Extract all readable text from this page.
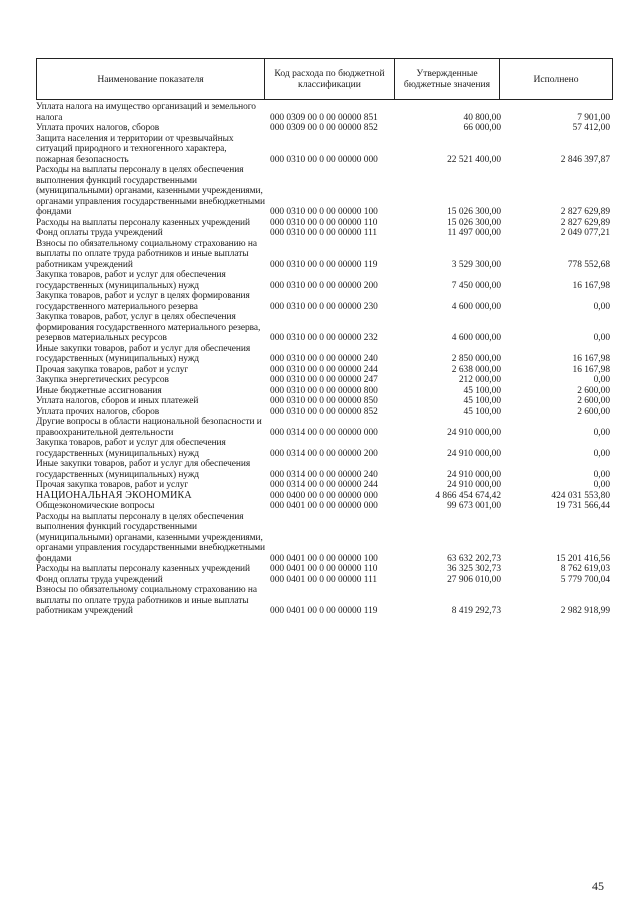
Наименование показателя	Код расхода по бюджетной классификации	Утвержденные бюджетные значения	Исполнено
Уплата налога на имущество организаций и земельного налога	000 0309 00 0 00 00000 851	40 800,00	7 901,00
Уплата прочих налогов, сборов	000 0309 00 0 00 00000 852	66 000,00	57 412,00
Защита населения и территории от чрезвычайных ситуаций природного и техногенного характера, пожарная безопасность	000 0310 00 0 00 00000 000	22 521 400,00	2 846 397,87
Расходы на выплаты персоналу в целях обеспечения выполнения функций государственными (муниципальными) органами, казенными учреждениями, органами управления государственными внебюджетными фондами	000 0310 00 0 00 00000 100	15 026 300,00	2 827 629,89
Расходы на выплаты персоналу казенных учреждений	000 0310 00 0 00 00000 110	15 026 300,00	2 827 629,89
Фонд оплаты труда учреждений	000 0310 00 0 00 00000 111	11 497 000,00	2 049 077,21
Взносы по обязательному социальному страхованию на выплаты по оплате труда работников и иные выплаты работникам учреждений	000 0310 00 0 00 00000 119	3 529 300,00	778 552,68
Закупка товаров, работ и услуг для обеспечения государственных (муниципальных) нужд	000 0310 00 0 00 00000 200	7 450 000,00	16 167,98
Закупка товаров, работ и услуг в целях формирования государственного материального резерва	000 0310 00 0 00 00000 230	4 600 000,00	0,00
Закупка товаров, работ, услуг в целях обеспечения формирования государственного материального резерва, резервов материальных ресурсов	000 0310 00 0 00 00000 232	4 600 000,00	0,00
Иные закупки товаров, работ и услуг для обеспечения государственных (муниципальных) нужд	000 0310 00 0 00 00000 240	2 850 000,00	16 167,98
Прочая закупка товаров, работ и услуг	000 0310 00 0 00 00000 244	2 638 000,00	16 167,98
Закупка энергетических ресурсов	000 0310 00 0 00 00000 247	212 000,00	0,00
Иные бюджетные ассигнования	000 0310 00 0 00 00000 800	45 100,00	2 600,00
Уплата налогов, сборов и иных платежей	000 0310 00 0 00 00000 850	45 100,00	2 600,00
Уплата прочих налогов, сборов	000 0310 00 0 00 00000 852	45 100,00	2 600,00
Другие вопросы в области национальной безопасности и правоохранительной деятельности	000 0314 00 0 00 00000 000	24 910 000,00	0,00
Закупка товаров, работ и услуг для обеспечения государственных (муниципальных) нужд	000 0314 00 0 00 00000 200	24 910 000,00	0,00
Иные закупки товаров, работ и услуг для обеспечения государственных (муниципальных) нужд	000 0314 00 0 00 00000 240	24 910 000,00	0,00
Прочая закупка товаров, работ и услуг	000 0314 00 0 00 00000 244	24 910 000,00	0,00
НАЦИОНАЛЬНАЯ ЭКОНОМИКА	000 0400 00 0 00 00000 000	4 866 454 674,42	424 031 553,80
Общеэкономические вопросы	000 0401 00 0 00 00000 000	99 673 001,00	19 731 566,44
Расходы на выплаты персоналу в целях обеспечения выполнения функций государственными (муниципальными) органами, казенными учреждениями, органами управления государственными внебюджетными фондами	000 0401 00 0 00 00000 100	63 632 202,73	15 201 416,56
Расходы на выплаты персоналу казенных учреждений	000 0401 00 0 00 00000 110	36 325 302,73	8 762 619,03
Фонд оплаты труда учреждений	000 0401 00 0 00 00000 111	27 906 010,00	5 779 700,04
Взносы по обязательному социальному страхованию на выплаты по оплате труда работников и иные выплаты работникам учреждений	000 0401 00 0 00 00000 119	8 419 292,73	2 982 918,99
45
